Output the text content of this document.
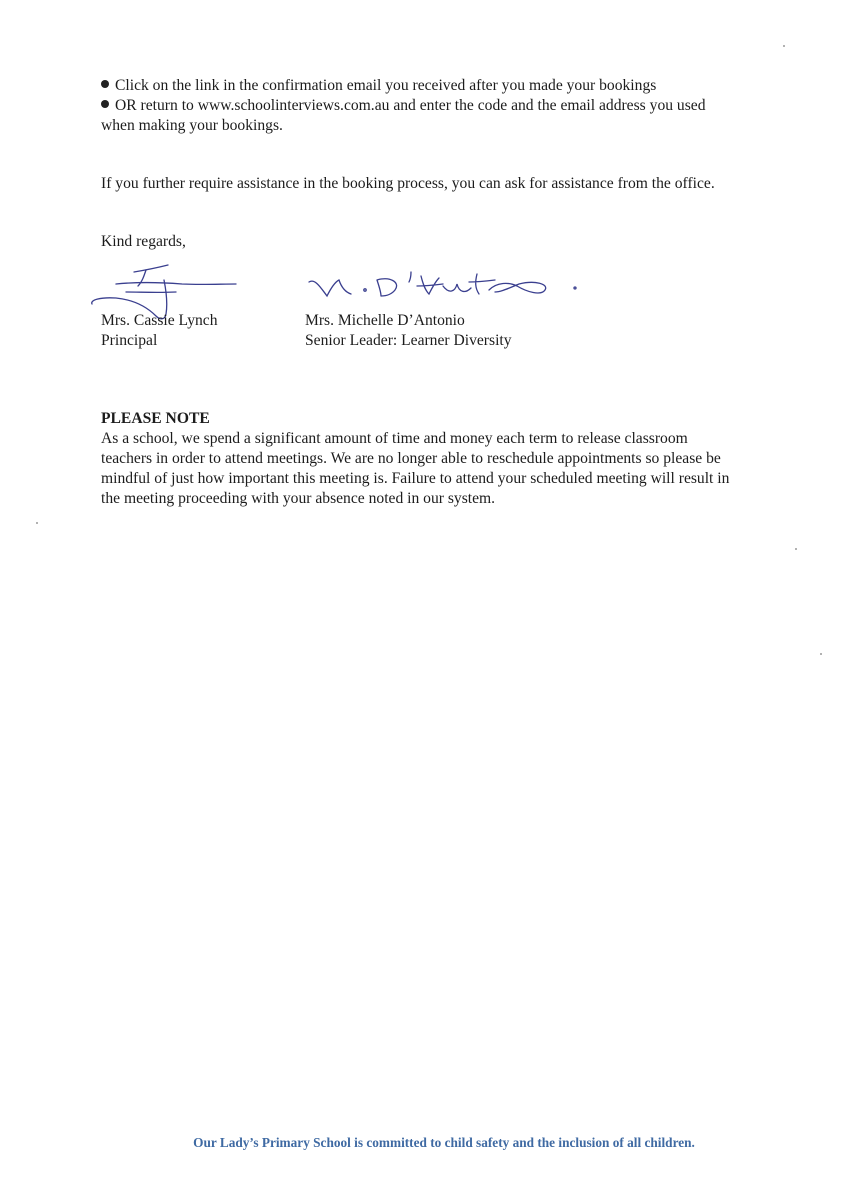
Click on the link in the confirmation email you received after you made your bookings
OR return to www.schoolinterviews.com.au and enter the code and the email address you used
when making your bookings.
If you further require assistance in the booking process, you can ask for assistance from the office.
Kind regards,
Mrs. Cassie Lynch
Principal
Mrs. Michelle D’Antonio
Senior Leader: Learner Diversity
PLEASE NOTE
As a school, we spend a significant amount of time and money each term to release classroom
teachers in order to attend meetings. We are no longer able to reschedule appointments so please be
mindful of just how important this meeting is. Failure to attend your scheduled meeting will result in
the meeting proceeding with your absence noted in our system.
Our Lady’s Primary School is committed to child safety and the inclusion of all children.
